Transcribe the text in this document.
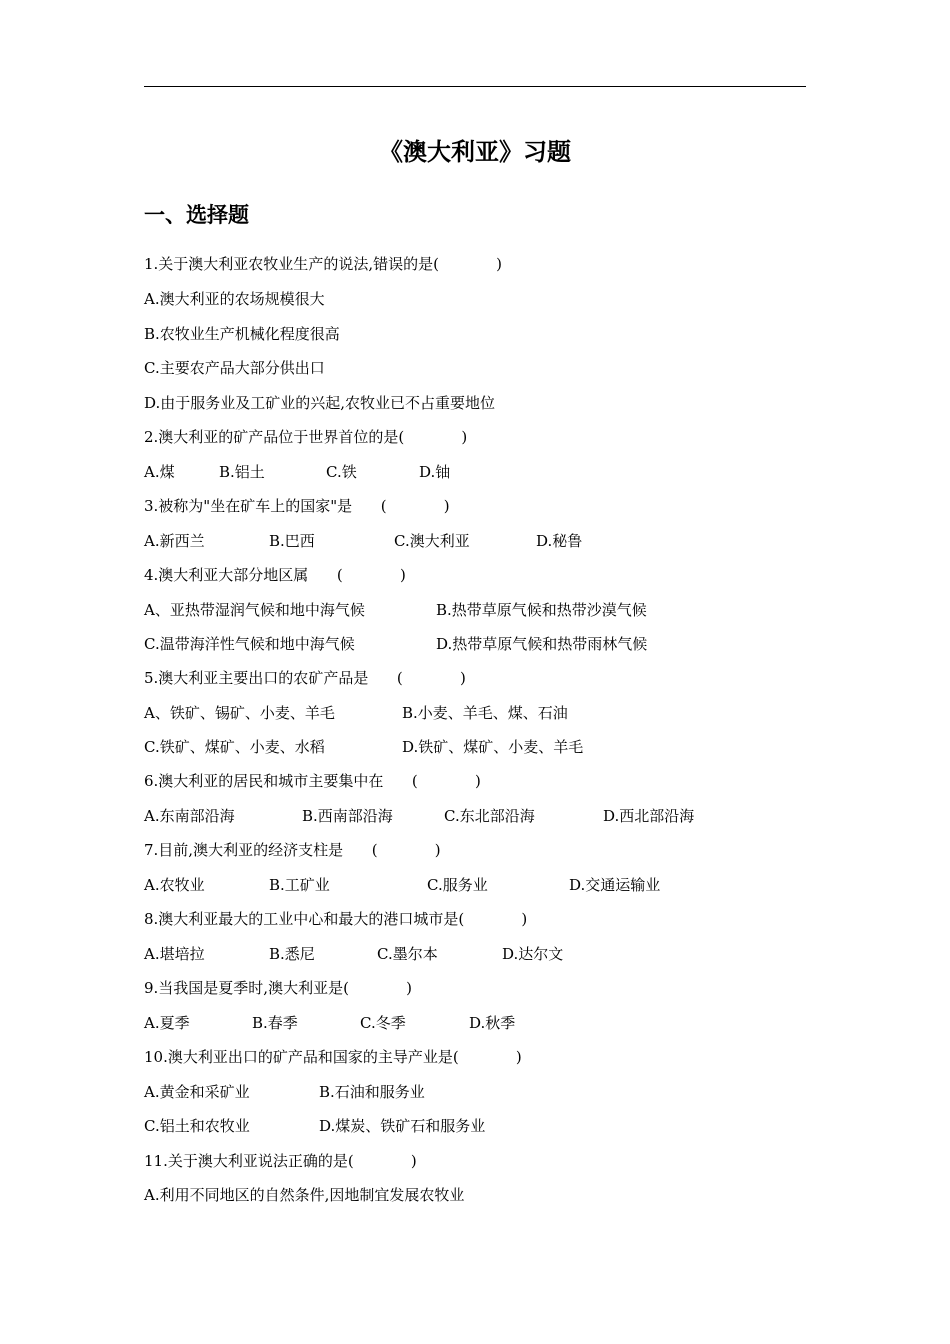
《澳大利亚》习题
一、选择题
1.关于澳大利亚农牧业生产的说法,错误的是(            )
A.澳大利亚的农场规模很大
B.农牧业生产机械化程度很高
C.主要农产品大部分供出口
D.由于服务业及工矿业的兴起,农牧业已不占重要地位
2.澳大利亚的矿产品位于世界首位的是(            )
A.煤	B.铝土	C.铁	D.铀
3.被称为"坐在矿车上的国家"是      (            )
A.新西兰	B.巴西	C.澳大利亚	D.秘鲁
4.澳大利亚大部分地区属      (            )
A、亚热带湿润气候和地中海气候	B.热带草原气候和热带沙漠气候
C.温带海洋性气候和地中海气候	D.热带草原气候和热带雨林气候
5.澳大利亚主要出口的农矿产品是      (            )
A、铁矿、锡矿、小麦、羊毛	B.小麦、羊毛、煤、石油
C.铁矿、煤矿、小麦、水稻	D.铁矿、煤矿、小麦、羊毛
6.澳大利亚的居民和城市主要集中在      (            )
A.东南部沿海	B.西南部沿海	C.东北部沿海	D.西北部沿海
7.目前,澳大利亚的经济支柱是      (            )
A.农牧业	B.工矿业	C.服务业	D.交通运输业
8.澳大利亚最大的工业中心和最大的港口城市是(            )
A.堪培拉	B.悉尼	C.墨尔本	D.达尔文
9.当我国是夏季时,澳大利亚是(            )
A.夏季	B.春季	C.冬季	D.秋季
10.澳大利亚出口的矿产品和国家的主导产业是(            )
A.黄金和采矿业	B.石油和服务业
C.铝土和农牧业	D.煤炭、铁矿石和服务业
11.关于澳大利亚说法正确的是(            )
A.利用不同地区的自然条件,因地制宜发展农牧业
